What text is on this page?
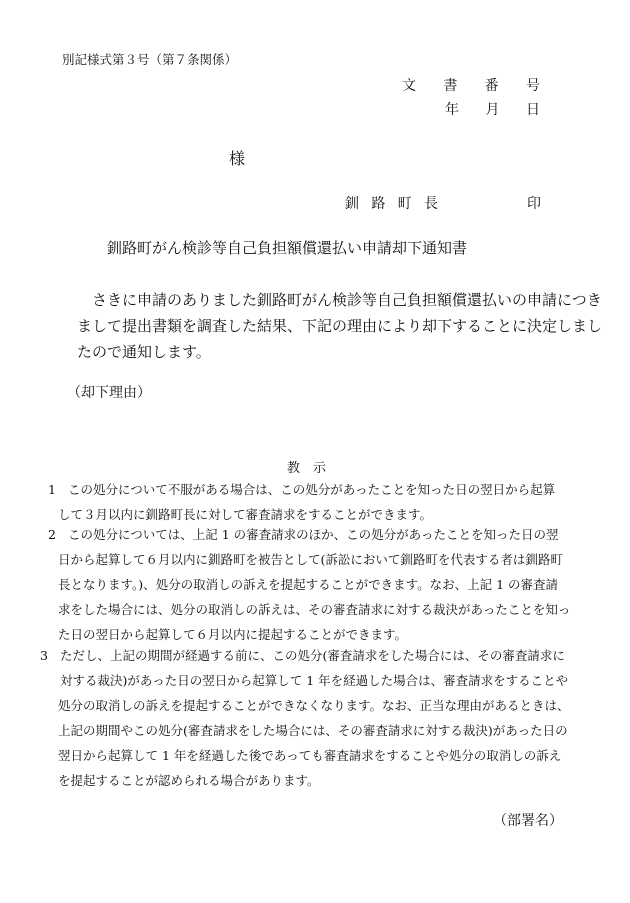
別記様式第３号（第７条関係）
文 書 番 号
年 月 日
様
釧 路 町 長	印
釧路町がん検診等自己負担額償還払い申請却下通知書
さきに申請のありました釧路町がん検診等自己負担額償還払いの申請につき
まして提出書類を調査した結果、下記の理由により却下することに決定しまし
たので通知します。
（却下理由）
教　示
1 この処分について不服がある場合は、この処分があったことを知った日の翌日から起算
して３月以内に釧路町長に対して審査請求をすることができます。
2 この処分については、上記 1 の審査請求のほか、この処分があったことを知った日の翌
日から起算して６月以内に釧路町を被告として(訴訟において釧路町を代表する者は釧路町
長となります。)、処分の取消しの訴えを提起することができます。なお、上記 1 の審査請
求をした場合には、処分の取消しの訴えは、その審査請求に対する裁決があったことを知っ
た日の翌日から起算して６月以内に提起することができます。
3 ただし、上記の期間が経過する前に、この処分(審査請求をした場合には、その審査請求に
対する裁決)があった日の翌日から起算して 1 年を経過した場合は、審査請求をすることや
処分の取消しの訴えを提起することができなくなります。なお、正当な理由があるときは、
上記の期間やこの処分(審査請求をした場合には、その審査請求に対する裁決)があった日の
翌日から起算して 1 年を経過した後であっても審査請求をすることや処分の取消しの訴え
を提起することが認められる場合があります。
（部署名）
